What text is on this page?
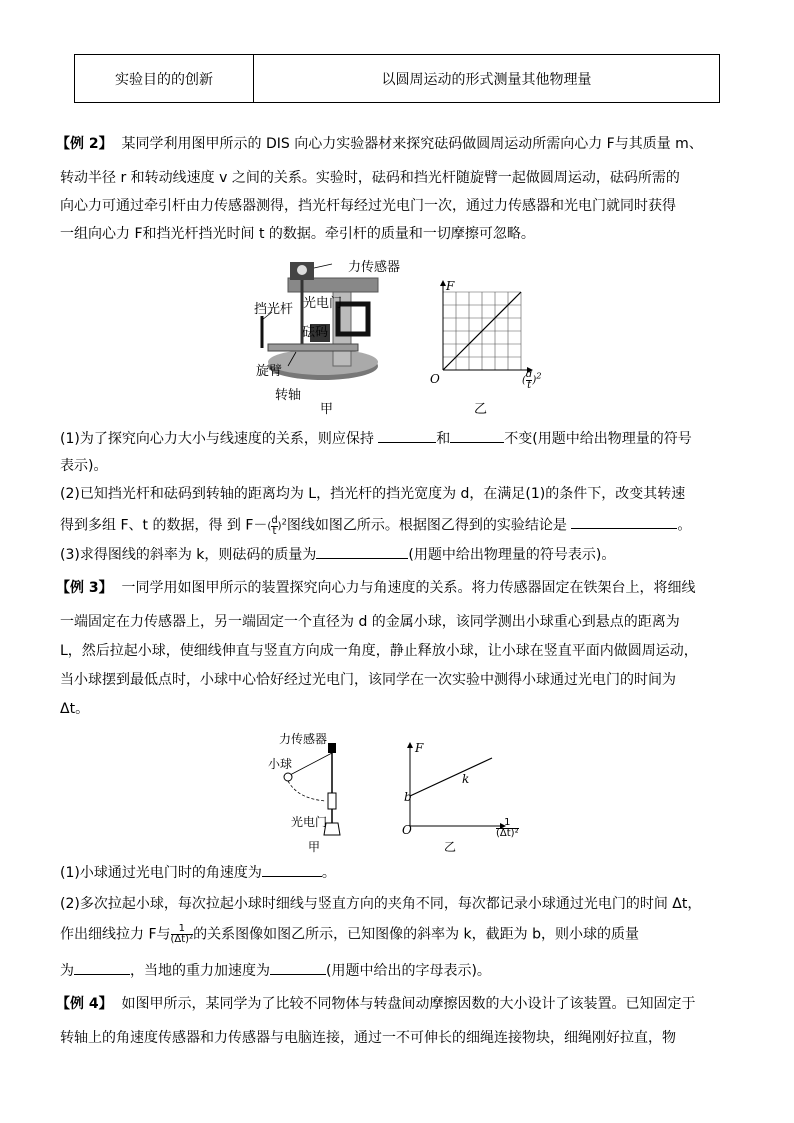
实验目的的创新	以圆周运动的形式测量其他物理量
【例 2】 某同学利用图甲所示的 DIS 向心力实验器材来探究砝码做圆周运动所需向心力 F与其质量 m、
转动半径 r 和转动线速度 v 之间的关系。实验时，砝码和挡光杆随旋臂一起做圆周运动，砝码所需的
向心力可通过牵引杆由力传感器测得，挡光杆每经过光电门一次，通过力传感器和光电门就同时获得
一组向心力 F和挡光杆挡光时间 t 的数据。牵引杆的质量和一切摩擦可忽略。
力传感器
挡光杆 光电门
砝码
旋臂
转轴
甲
F
O	( $\frac{d}{t} )^2$
乙
(1)为了探究向心力大小与线速度的关系，则应保持	和	不变(用题中给出物理量的符号
表示)。
(2)已知挡光杆和砝码到转轴的距离均为 L，挡光杆的挡光宽度为 d，在满足(1)的条件下，改变其转速
得到多组 F、t 的数据，得 到 $F-( \frac{d}{t} )^2$图线如图乙所示。根据图乙得到的实验结论是	。
(3)求得图线的斜率为 k，则砝码的质量为	(用题中给出物理量的符号表示)。
【例 3】 一同学用如图甲所示的装置探究向心力与角速度的关系。将力传感器固定在铁架台上，将细线
一端固定在力传感器上，另一端固定一个直径为 d 的金属小球，该同学测出小球重心到悬点的距离为
L，然后拉起小球，使细线伸直与竖直方向成一角度，静止释放小球，让小球在竖直平面内做圆周运动，
当小球摆到最低点时，小球中心恰好经过光电门，该同学在一次实验中测得小球通过光电门的时间为
Δt。
力传感器
小球
光电门
甲
F
b
k
O	$\frac{1}{\text{(Δt)²}}$
乙
(1)小球通过光电门时的角速度为	。
(2)多次拉起小球，每次拉起小球时细线与竖直方向的夹角不同，每次都记录小球通过光电门的时间 Δt，
作出细线拉力 F与 $\frac{1}{\text{(Δt)²}}$ 的关系图像如图乙所示，已知图像的斜率为 k，截距为 b，则小球的质量
为	，当地的重力加速度为	(用题中给出的字母表示)。
【例 4】 如图甲所示，某同学为了比较不同物体与转盘间动摩擦因数的大小设计了该装置。已知固定于
转轴上的角速度传感器和力传感器与电脑连接，通过一不可伸长的细绳连接物块，细绳刚好拉直，物
